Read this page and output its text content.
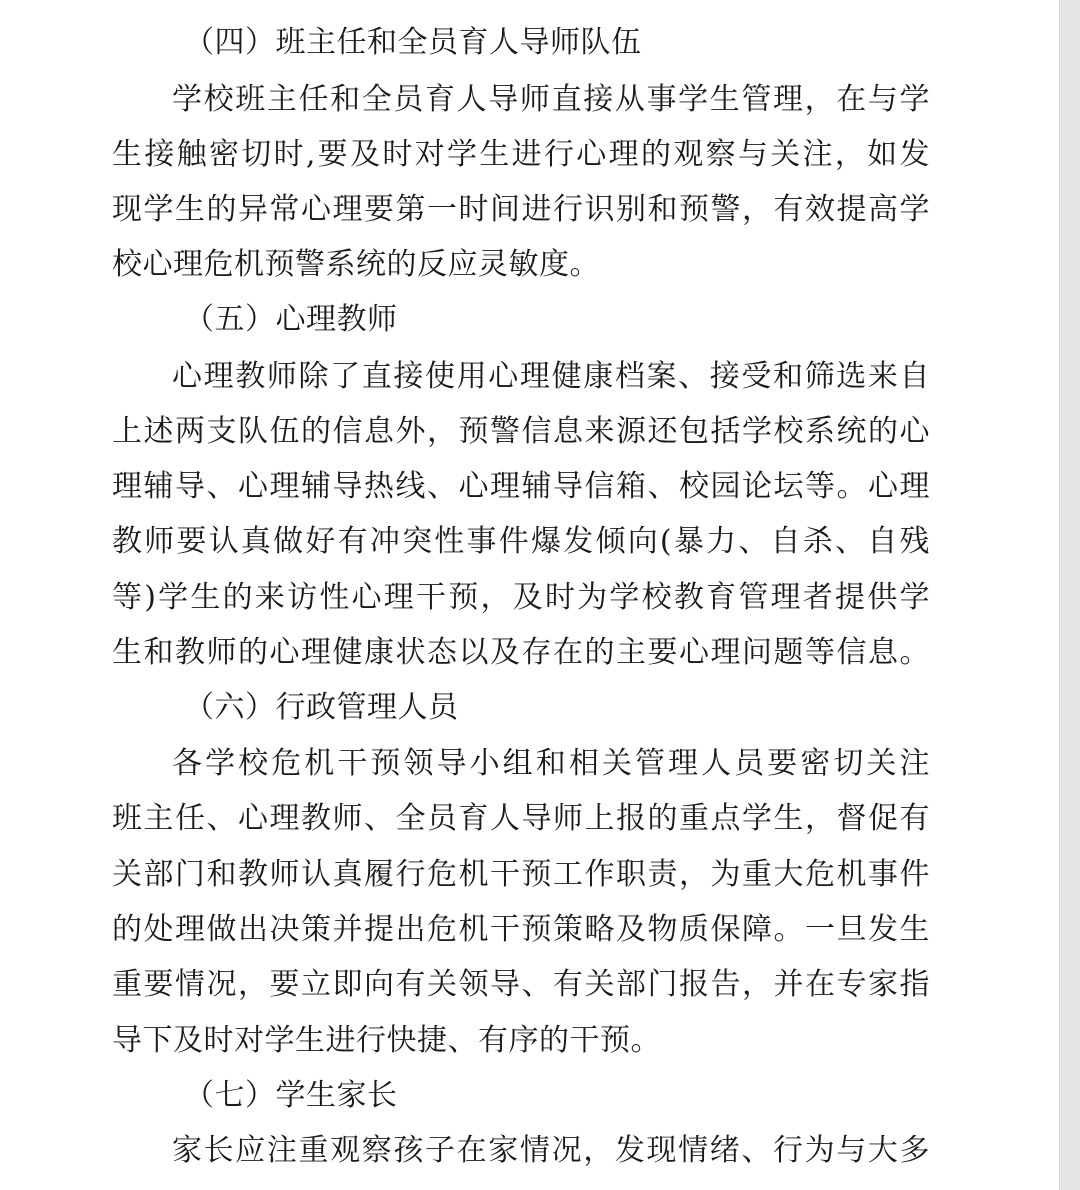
（四）班主任和全员育人导师队伍
学校班主任和全员育人导师直接从事学生管理，在与学
生接触密切时,要及时对学生进行心理的观察与关注，如发
现学生的异常心理要第一时间进行识别和预警，有效提高学
校心理危机预警系统的反应灵敏度。
（五）心理教师
心理教师除了直接使用心理健康档案、接受和筛选来自
上述两支队伍的信息外，预警信息来源还包括学校系统的心
理辅导、心理辅导热线、心理辅导信箱、校园论坛等。心理
教师要认真做好有冲突性事件爆发倾向(暴力、自杀、自残
等)学生的来访性心理干预，及时为学校教育管理者提供学
生和教师的心理健康状态以及存在的主要心理问题等信息。
（六）行政管理人员
各学校危机干预领导小组和相关管理人员要密切关注
班主任、心理教师、全员育人导师上报的重点学生，督促有
关部门和教师认真履行危机干预工作职责，为重大危机事件
的处理做出决策并提出危机干预策略及物质保障。一旦发生
重要情况，要立即向有关领导、有关部门报告，并在专家指
导下及时对学生进行快捷、有序的干预。
（七）学生家长
家长应注重观察孩子在家情况，发现情绪、行为与大多
